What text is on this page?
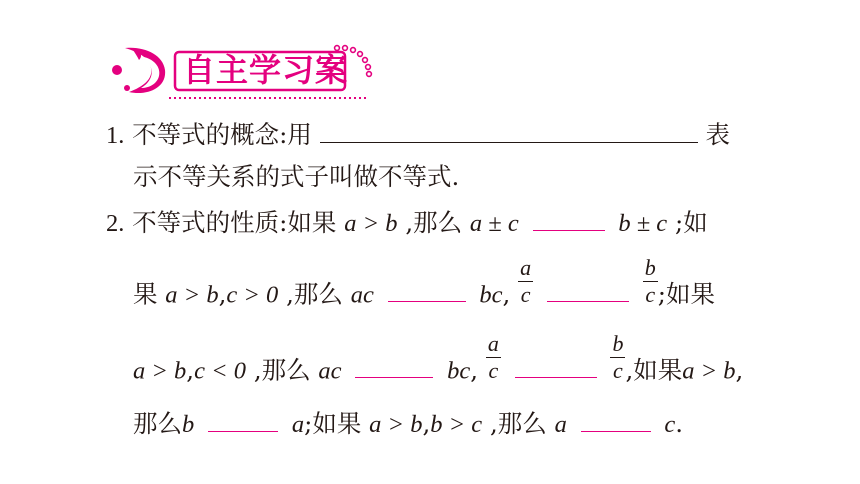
自主学习案
1. 不等式的概念:用	表
示不等关系的式子叫做不等式.
2. 不等式的性质:如果 a > b ,那么 a ± c	b ± c ;如
果 a > b,c > 0 ,那么 ac	bc, $\frac{a}{c}$
	$\frac{b}{c}$ ;如果
a > b,c < 0 ,那么 ac	bc, $\frac{a}{c}$
	$\frac{b}{c}$ ,如果a > b,
那么b	a;如果 a > b,b > c ,那么 a	c.
